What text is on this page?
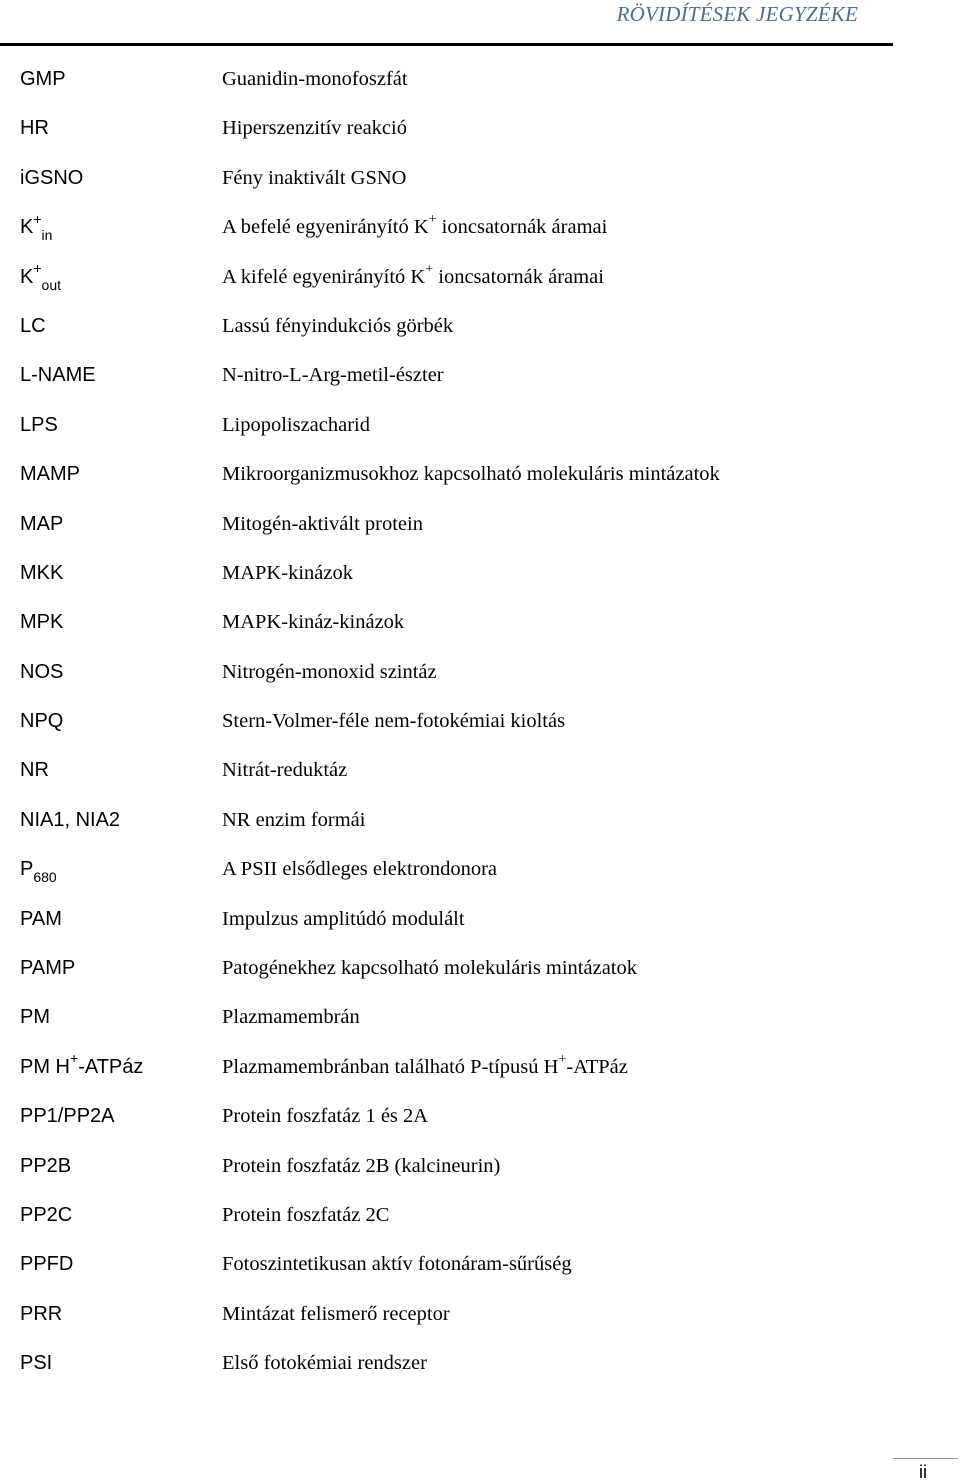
RÖVIDÍTÉSEK JEGYZÉKE
GMP	Guanidin-monofoszfát
HR	Hiperszenzitív reakció
iGSNO	Fény inaktivált GSNO
$K^+_{in}$	A befelé egyenirányító K+ ioncsatornák áramai
$K^+_{out}$	A kifelé egyenirányító K+ ioncsatornák áramai
LC	Lassú fényindukciós görbék
L-NAME	N-nitro-L-Arg-metil-észter
LPS	Lipopoliszacharid
MAMP	Mikroorganizmusokhoz kapcsolható molekuláris mintázatok
MAP	Mitogén-aktivált protein
MKK	MAPK-kinázok
MPK	MAPK-kináz-kinázok
NOS	Nitrogén-monoxid szintáz
NPQ	Stern-Volmer-féle nem-fotokémiai kioltás
NR	Nitrát-reduktáz
NIA1, NIA2	NR enzim formái
$P_{680}$	A PSII elsődleges elektrondonora
PAM	Impulzus amplitúdó modulált
PAMP	Patogénekhez kapcsolható molekuláris mintázatok
PM	Plazmamembrán
PM H+-ATPáz	Plazmamembránban található P-típusú H+-ATPáz
PP1/PP2A	Protein foszfatáz 1 és 2A
PP2B	Protein foszfatáz 2B (kalcineurin)
PP2C	Protein foszfatáz 2C
PPFD	Fotoszintetikusan aktív fotonáram-sűrűség
PRR	Mintázat felismerő receptor
PSI	Első fotokémiai rendszer
ii
